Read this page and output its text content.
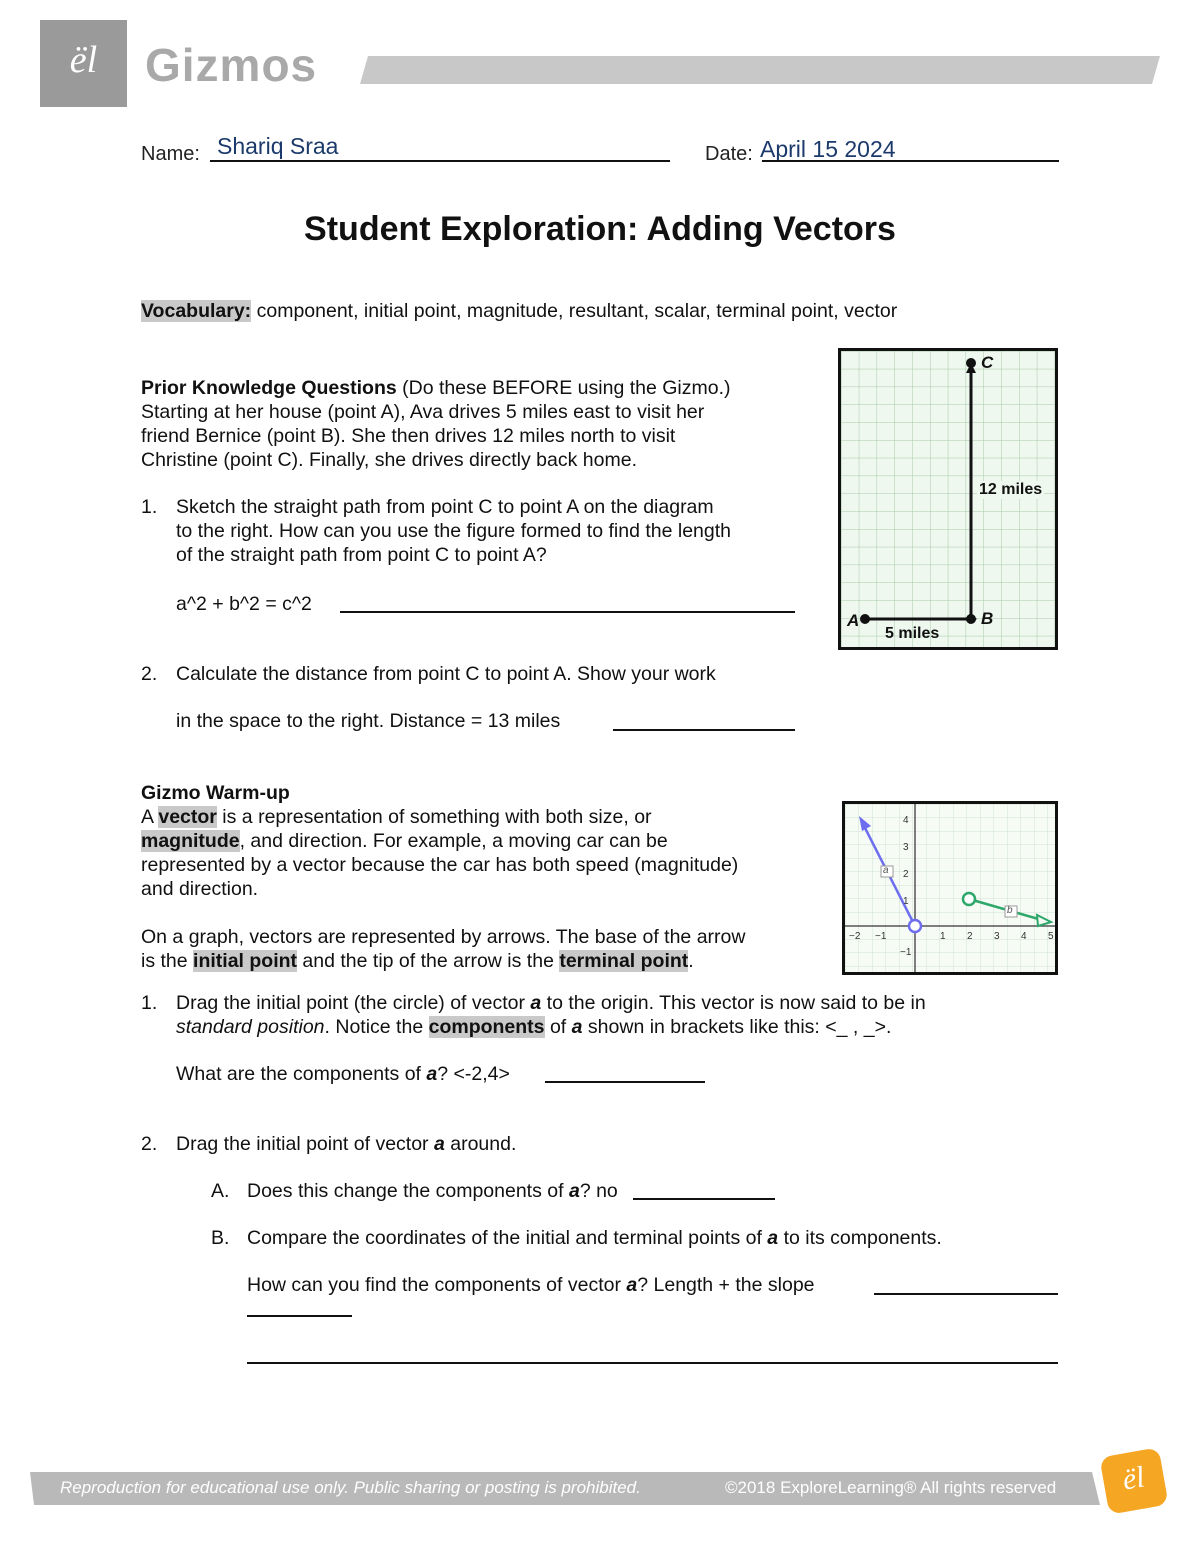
ël	Gizmos
Name: Shariq Sraa	Date: April 15 2024
Student Exploration: Adding Vectors
Vocabulary: component, initial point, magnitude, resultant, scalar, terminal point, vector
Prior Knowledge Questions (Do these BEFORE using the Gizmo.)
Starting at her house (point A), Ava drives 5 miles east to visit her
friend Bernice (point B). She then drives 12 miles north to visit
Christine (point C). Finally, she drives directly back home.
1. Sketch the straight path from point C to point A on the diagram
to the right. How can you use the figure formed to find the length
of the straight path from point C to point A?
a^2 + b^2 = c^2
2. Calculate the distance from point C to point A. Show your work
in the space to the right. Distance = 13 miles
A	B
C
12 miles
5 miles
Gizmo Warm-up
A vector is a representation of something with both size, or
magnitude, and direction. For example, a moving car can be
represented by a vector because the car has both speed (magnitude)
and direction.
On a graph, vectors are represented by arrows. The base of the arrow
is the initial point and the tip of the arrow is the terminal point.
a
b
−2 −1	1 2 3 4 5
4
3
2
1
−1
1. Drag the initial point (the circle) of vector a to the origin. This vector is now said to be in
standard position. Notice the components of a shown in brackets like this: <_ , _>.
What are the components of a? <-2,4>
2. Drag the initial point of vector a around.
A. Does this change the components of a? no
B. Compare the coordinates of the initial and terminal points of a to its components.
How can you find the components of vector a? Length + the slope
Reproduction for educational use only. Public sharing or posting is prohibited.	©2018 ExploreLearning® All rights reserved	ël
